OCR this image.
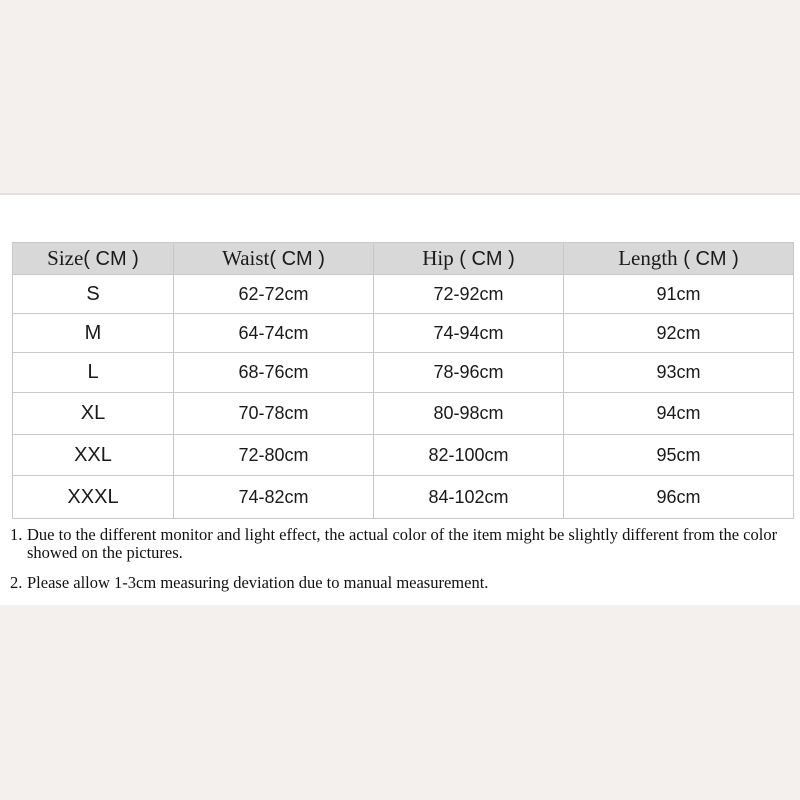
Size( CM )	Waist( CM )	Hip ( CM )	Length ( CM )
S	62-72cm	72-92cm	91cm
M	64-74cm	74-94cm	92cm
L	68-76cm	78-96cm	93cm
XL	70-78cm	80-98cm	94cm
XXL	72-80cm	82-100cm	95cm
XXXL	74-82cm	84-102cm	96cm
1. Due to the different monitor and light effect, the actual color of the item might be slightly different from the color showed on the pictures.
2. Please allow 1-3cm measuring deviation due to manual measurement.
